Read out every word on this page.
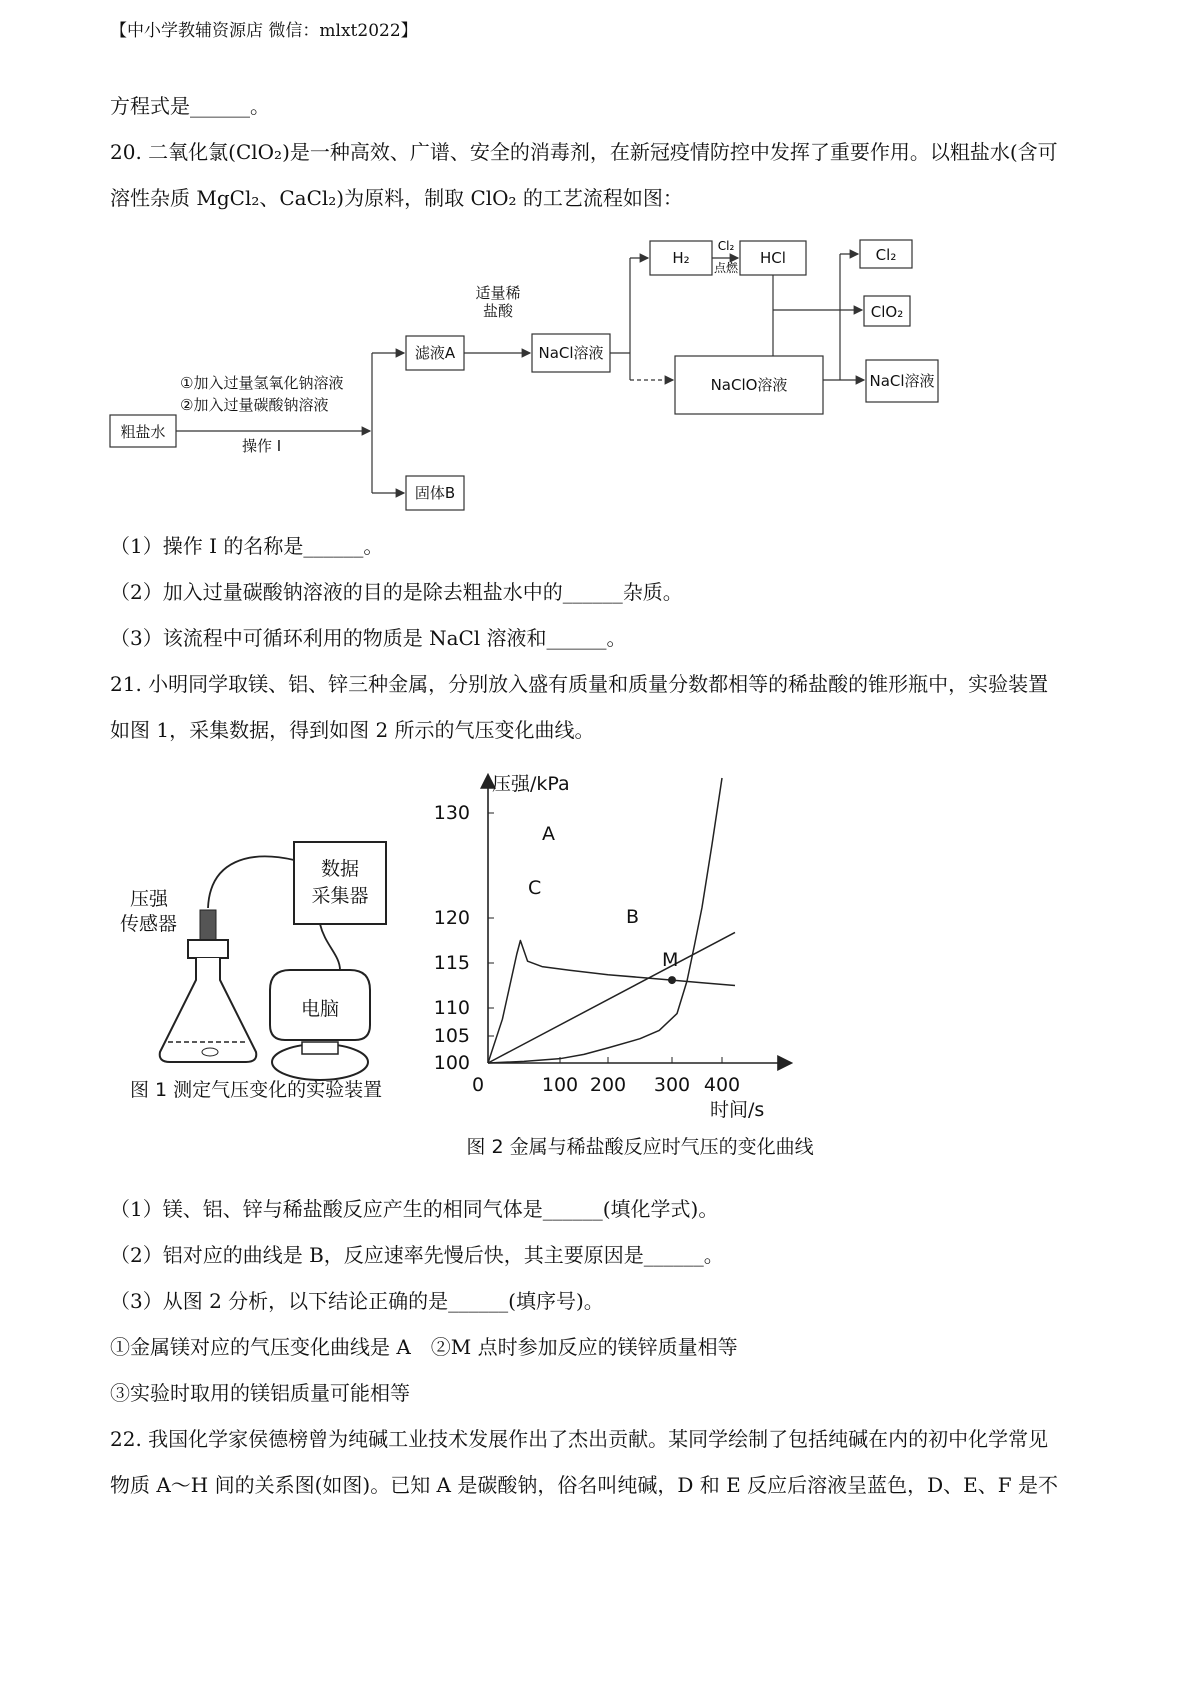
【中小学教辅资源店 微信：mlxt2022】
方程式是______。
20. 二氧化氯(ClO₂)是一种高效、广谱、安全的消毒剂，在新冠疫情防控中发挥了重要作用。以粗盐水(含可
溶性杂质 MgCl₂、CaCl₂)为原料，制取 ClO₂ 的工艺流程如图：
粗盐水
滤液A
固体B
NaCl溶液
H₂	HCl
NaClO溶液
Cl₂
ClO₂
NaCl溶液
①加入过量氢氧化钠溶液
②加入过量碳酸钠溶液
操作 I
适量稀
盐酸
Cl₂
点燃
（1）操作 I 的名称是______。
（2）加入过量碳酸钠溶液的目的是除去粗盐水中的______杂质。
（3）该流程中可循环利用的物质是 NaCl 溶液和______。
21. 小明同学取镁、铝、锌三种金属，分别放入盛有质量和质量分数都相等的稀盐酸的锥形瓶中，实验装置
如图 1，采集数据，得到如图 2 所示的气压变化曲线。
压强
传感器
数据
采集器
电脑
图 1 测定气压变化的实验装置
压强/kPa
时间/s
100
105
110
115
120
130
0	100 200 300 400
A
B
C
M
图 2 金属与稀盐酸反应时气压的变化曲线
（1）镁、铝、锌与稀盐酸反应产生的相同气体是______(填化学式)。
（2）铝对应的曲线是 B，反应速率先慢后快，其主要原因是______。
（3）从图 2 分析，以下结论正确的是______(填序号)。
①金属镁对应的气压变化曲线是 A　②M 点时参加反应的镁锌质量相等
③实验时取用的镁铝质量可能相等
22. 我国化学家侯德榜曾为纯碱工业技术发展作出了杰出贡献。某同学绘制了包括纯碱在内的初中化学常见
物质 A～H 间的关系图(如图)。已知 A 是碳酸钠，俗名叫纯碱，D 和 E 反应后溶液呈蓝色，D、E、F 是不
